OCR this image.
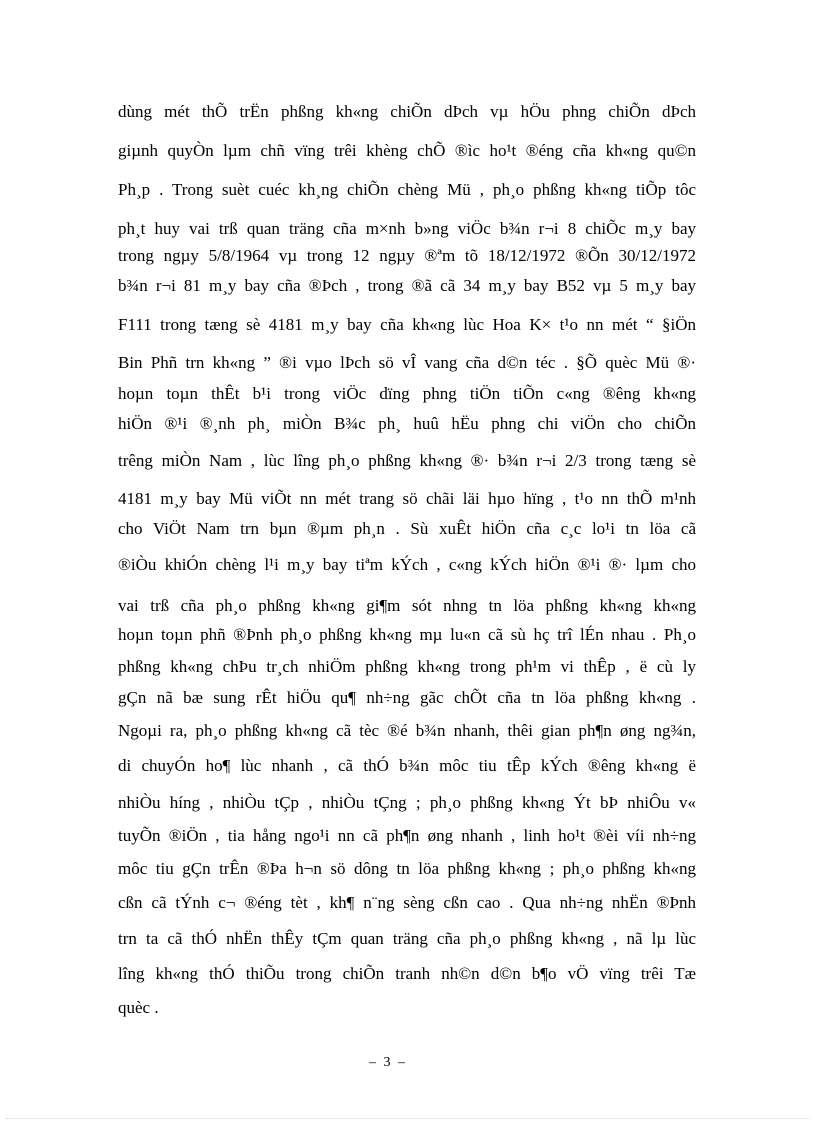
dùng mét thÕ trËn phßng kh«ng chiÕn dÞch vµ hÖu phng chiÕn dÞch
giµnh quyÒn lµm chñ vïng trêi khèng chÕ ®ìc ho¹t ®éng cña kh«ng qu©n
Ph¸p . Trong suèt cuéc kh¸ng chiÕn chèng Mü , ph¸o phßng kh«ng tiÕp tôc
ph¸t huy vai trß quan träng cña m×nh b»ng viÖc b¾n r¬i 8 chiÕc m¸y bay
trong ngµy 5/8/1964 vµ trong 12 ngµy ®ªm tõ 18/12/1972 ®Õn 30/12/1972
b¾n r¬i 81 m¸y bay cña ®Þch , trong ®ã cã 34 m¸y bay B52 vµ 5 m¸y bay
F111 trong tæng sè 4181 m¸y bay cña kh«ng lùc Hoa K× t¹o nn mét “ §iÖn
Bin Phñ trn kh«ng ” ®i vµo lÞch sö vÎ vang cña d©n téc . §Õ quèc Mü ®·
hoµn toµn thÊt b¹i trong viÖc dïng phng tiÖn tiÕn c«ng ®êng kh«ng
hiÖn ®¹i ®¸nh ph¸ miÒn B¾c ph¸ huû hËu phng chi viÖn cho chiÕn
trêng miÒn Nam , lùc lîng ph¸o phßng kh«ng ®· b¾n r¬i 2/3 trong tæng sè
4181 m¸y bay Mü viÕt nn mét trang sö chãi läi hµo hïng , t¹o nn thÕ m¹nh
cho ViÖt Nam trn bµn ®µm ph¸n . Sù xuÊt hiÖn cña c¸c lo¹i tn löa cã
®iÒu khiÓn chèng l¹i m¸y bay tiªm kÝch , c«ng kÝch hiÖn ®¹i ®· lµm cho
vai trß cña ph¸o phßng kh«ng gi¶m sót nhng tn löa phßng kh«ng kh«ng
hoµn toµn phñ ®Þnh ph¸o phßng kh«ng mµ lu«n cã sù hç trî lÉn nhau . Ph¸o
phßng kh«ng chÞu tr¸ch nhiÖm phßng kh«ng trong ph¹m vi thÊp , ë cù ly
gÇn nã bæ sung rÊt hiÖu qu¶ nh÷ng gãc chÕt cña tn löa phßng kh«ng .
Ngoµi ra, ph¸o phßng kh«ng cã tèc ®é b¾n nhanh, thêi gian ph¶n øng ng¾n,
di chuyÓn ho¶ lùc nhanh , cã thÓ b¾n môc tiu tÊp kÝch ®êng kh«ng ë
nhiÒu híng , nhiÒu tÇp , nhiÒu tÇng ; ph¸o phßng kh«ng Ýt bÞ nhiÔu v«
tuyÕn ®iÖn , tia hång ngo¹i nn cã ph¶n øng nhanh , linh ho¹t ®èi víi nh÷ng
môc tiu gÇn trÊn ®Þa h¬n sö dông tn löa phßng kh«ng ; ph¸o phßng kh«ng
cßn cã tÝnh c¬ ®éng tèt , kh¶ n¨ng sèng cßn cao . Qua nh÷ng nhËn ®Þnh
trn ta cã thÓ nhËn thÊy tÇm quan träng cña ph¸o phßng kh«ng , nã lµ lùc
lîng kh«ng thÓ thiÕu trong chiÕn tranh nh©n d©n b¶o vÖ vïng trêi Tæ
quèc .
– 3 –
